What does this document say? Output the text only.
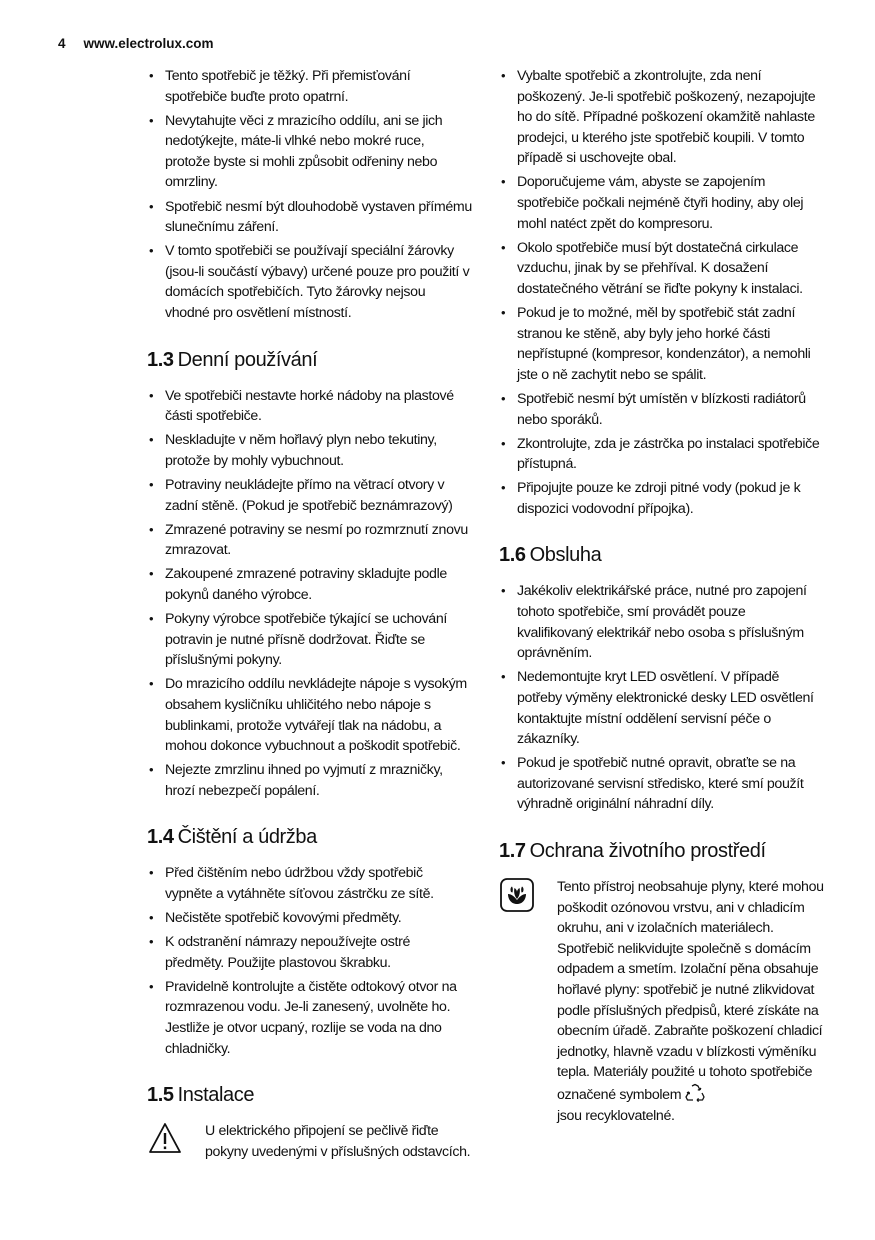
4 www.electrolux.com
• Tento spotřebič je těžký. Při přemisťování spotřebiče buďte proto opatrní.
• Nevytahujte věci z mrazicího oddílu, ani se jich nedotýkejte, máte-li vlhké nebo mokré ruce, protože byste si mohli způsobit odřeniny nebo omrzliny.
• Spotřebič nesmí být dlouhodobě vystaven přímému slunečnímu záření.
• V tomto spotřebiči se používají speciální žárovky (jsou-li součástí výbavy) určené pouze pro použití v domácích spotřebičích. Tyto žárovky nejsou vhodné pro osvětlení místností.
1.3 Denní používání
• Ve spotřebiči nestavte horké nádoby na plastové části spotřebiče.
• Neskladujte v něm hořlavý plyn nebo tekutiny, protože by mohly vybuchnout.
• Potraviny neukládejte přímo na větrací otvory v zadní stěně. (Pokud je spotřebič beznámrazový)
• Zmrazené potraviny se nesmí po rozmrznutí znovu zmrazovat.
• Zakoupené zmrazené potraviny skladujte podle pokynů daného výrobce.
• Pokyny výrobce spotřebiče týkající se uchování potravin je nutné přísně dodržovat. Řiďte se příslušnými pokyny.
• Do mrazicího oddílu nevkládejte nápoje s vysokým obsahem kysličníku uhličitého nebo nápoje s bublinkami, protože vytvářejí tlak na nádobu, a mohou dokonce vybuchnout a poškodit spotřebič.
• Nejezte zmrzlinu ihned po vyjmutí z mrazničky, hrozí nebezpečí popálení.
1.4 Čištění a údržba
• Před čištěním nebo údržbou vždy spotřebič vypněte a vytáhněte síťovou zástrčku ze sítě.
• Nečistěte spotřebič kovovými předměty.
• K odstranění námrazy nepoužívejte ostré předměty. Použijte plastovou škrabku.
• Pravidelně kontrolujte a čistěte odtokový otvor na rozmrazenou vodu. Je-li zanesený, uvolněte ho. Jestliže je otvor ucpaný, rozlije se voda na dno chladničky.
1.5 Instalace
U elektrického připojení se pečlivě řiďte pokyny uvedenými v příslušných odstavcích.
• Vybalte spotřebič a zkontrolujte, zda není poškozený. Je-li spotřebič poškozený, nezapojujte ho do sítě. Případné poškození okamžitě nahlaste prodejci, u kterého jste spotřebič koupili. V tomto případě si uschovejte obal.
• Doporučujeme vám, abyste se zapojením spotřebiče počkali nejméně čtyři hodiny, aby olej mohl natéct zpět do kompresoru.
• Okolo spotřebiče musí být dostatečná cirkulace vzduchu, jinak by se přehříval. K dosažení dostatečného větrání se řiďte pokyny k instalaci.
• Pokud je to možné, měl by spotřebič stát zadní stranou ke stěně, aby byly jeho horké části nepřístupné (kompresor, kondenzátor), a nemohli jste o ně zachytit nebo se spálit.
• Spotřebič nesmí být umístěn v blízkosti radiátorů nebo sporáků.
• Zkontrolujte, zda je zástrčka po instalaci spotřebiče přístupná.
• Připojujte pouze ke zdroji pitné vody (pokud je k dispozici vodovodní přípojka).
1.6 Obsluha
• Jakékoliv elektrikářské práce, nutné pro zapojení tohoto spotřebiče, smí provádět pouze kvalifikovaný elektrikář nebo osoba s příslušným oprávněním.
• Nedemontujte kryt LED osvětlení. V případě potřeby výměny elektronické desky LED osvětlení kontaktujte místní oddělení servisní péče o zákazníky.
• Pokud je spotřebič nutné opravit, obraťte se na autorizované servisní středisko, které smí použít výhradně originální náhradní díly.
1.7 Ochrana životního prostředí
Tento přístroj neobsahuje plyny, které mohou poškodit ozónovou vrstvu, ani v chladicím okruhu, ani v izolačních materiálech. Spotřebič nelikvidujte společně s domácím odpadem a smetím. Izolační pěna obsahuje hořlavé plyny: spotřebič je nutné zlikvidovat podle příslušných předpisů, které získáte na obecním úřadě. Zabraňte poškození chladicí jednotky, hlavně vzadu v blízkosti výměníku tepla. Materiály použité u tohoto spotřebiče označené symbolem
jsou recyklovatelné.
